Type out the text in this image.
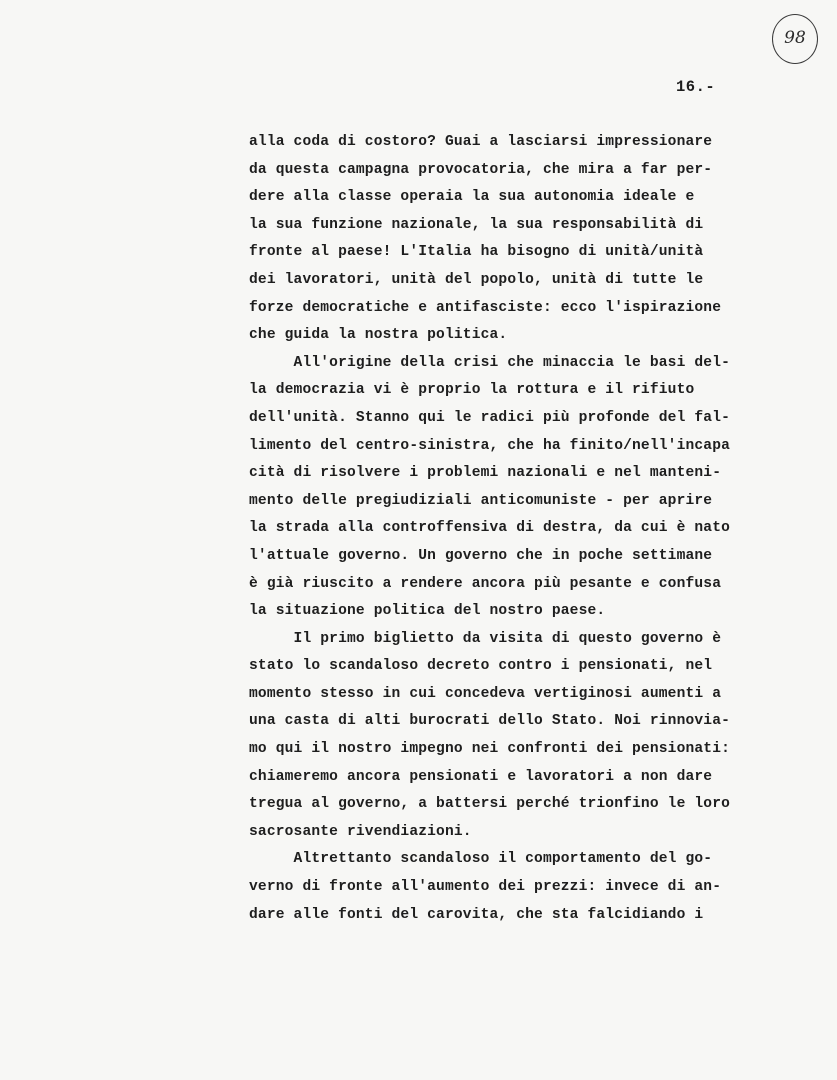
98
16.-
alla coda di costoro? Guai a lasciarsi impressionare
da questa campagna provocatoria, che mira a far per-
dere alla classe operaia la sua autonomia ideale e
la sua funzione nazionale, la sua responsabilità di
fronte al paese! L'Italia ha bisogno di unità/unità
dei lavoratori, unità del popolo, unità di tutte le
forze democratiche e antifasciste: ecco l'ispirazione
che guida la nostra politica.
All'origine della crisi che minaccia le basi del-
la democrazia vi è proprio la rottura e il rifiuto
dell'unità. Stanno qui le radici più profonde del fal-
limento del centro-sinistra, che ha finito/nell'incapa
cità di risolvere i problemi nazionali e nel manteni-
mento delle pregiudiziali anticomuniste - per aprire
la strada alla controffensiva di destra, da cui è nato
l'attuale governo. Un governo che in poche settimane
è già riuscito a rendere ancora più pesante e confusa
la situazione politica del nostro paese.
Il primo biglietto da visita di questo governo è
stato lo scandaloso decreto contro i pensionati, nel
momento stesso in cui concedeva vertiginosi aumenti a
una casta di alti burocrati dello Stato. Noi rinnovia-
mo qui il nostro impegno nei confronti dei pensionati:
chiameremo ancora pensionati e lavoratori a non dare
tregua al governo, a battersi perché trionfino le loro
sacrosante rivendiazioni.
Altrettanto scandaloso il comportamento del go-
verno di fronte all'aumento dei prezzi: invece di an-
dare alle fonti del carovita, che sta falcidiando i
